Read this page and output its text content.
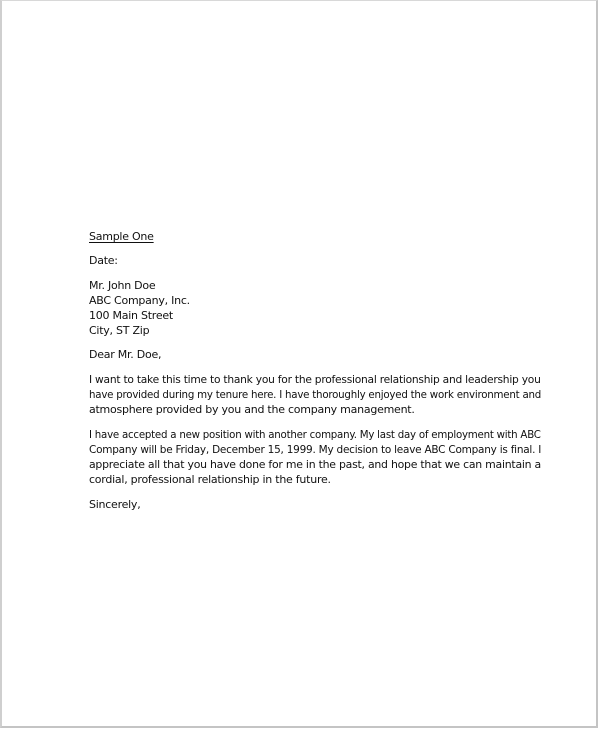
Sample One
Date:
Mr. John Doe
ABC Company, Inc.
100 Main Street
City, ST Zip
Dear Mr. Doe,
I want to take this time to thank you for the professional relationship and leadership you
have provided during my tenure here. I have thoroughly enjoyed the work environment and
atmosphere provided by you and the company management.
I have accepted a new position with another company. My last day of employment with ABC
Company will be Friday, December 15, 1999. My decision to leave ABC Company is final. I
appreciate all that you have done for me in the past, and hope that we can maintain a
cordial, professional relationship in the future.
Sincerely,
